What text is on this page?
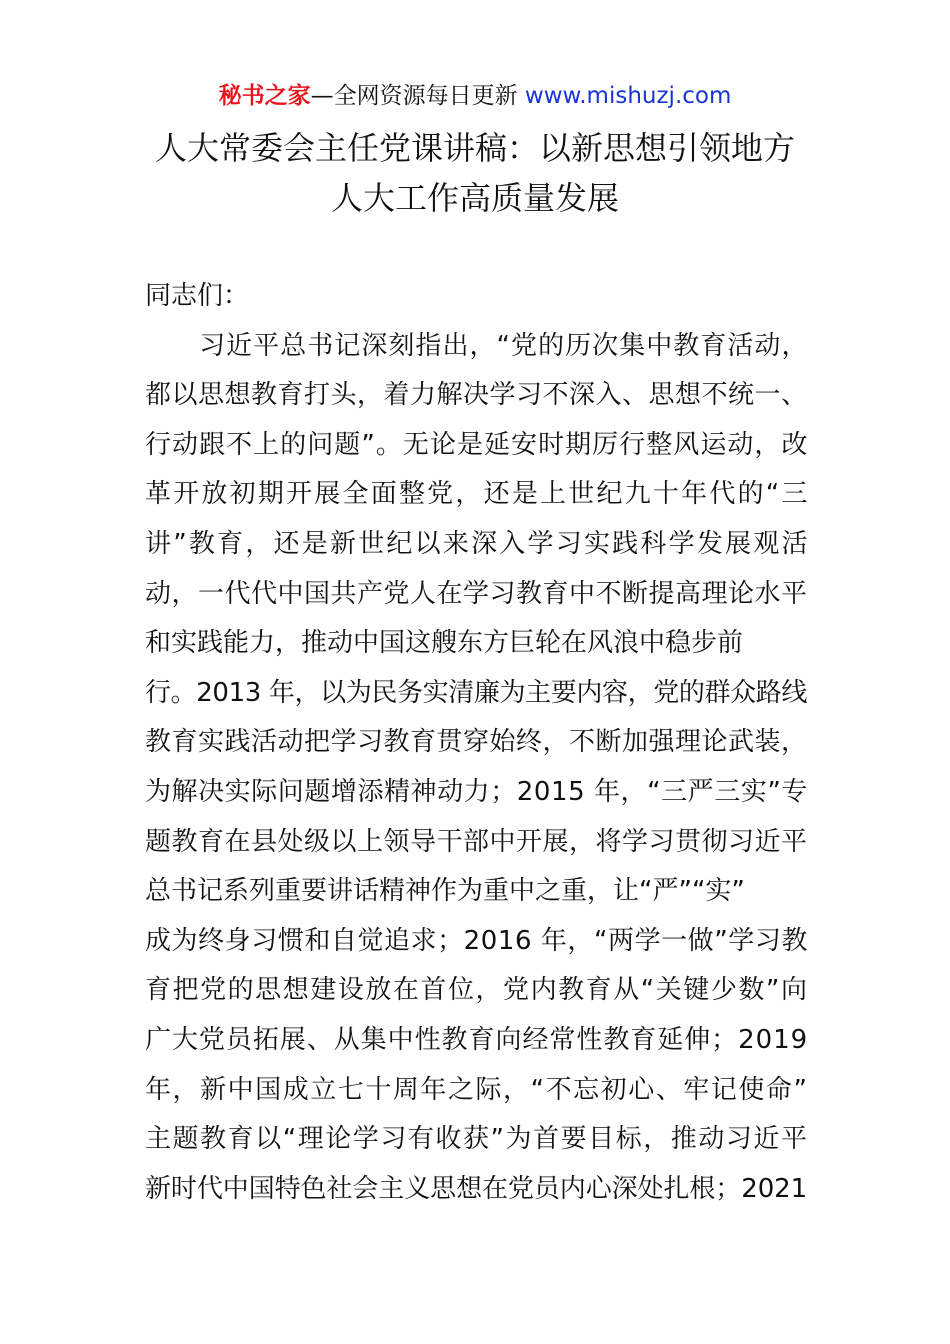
秘书之家—全网资源每日更新 www.mishuzj.com
人大常委会主任党课讲稿：以新思想引领地方
人大工作高质量发展
同志们：
　　习近平总书记深刻指出，“党的历次集中教育活动，
都以思想教育打头，着力解决学习不深入、思想不统一、
行动跟不上的问题”。无论是延安时期厉行整风运动，改
革开放初期开展全面整党，还是上世纪九十年代的“三
讲”教育，还是新世纪以来深入学习实践科学发展观活
动，一代代中国共产党人在学习教育中不断提高理论水平
和实践能力，推动中国这艘东方巨轮在风浪中稳步前
行。2013 年，以为民务实清廉为主要内容，党的群众路线
教育实践活动把学习教育贯穿始终，不断加强理论武装，
为解决实际问题增添精神动力；2015 年，“三严三实”专
题教育在县处级以上领导干部中开展，将学习贯彻习近平
总书记系列重要讲话精神作为重中之重，让“严”“实”
成为终身习惯和自觉追求；2016 年，“两学一做”学习教
育把党的思想建设放在首位，党内教育从“关键少数”向
广大党员拓展、从集中性教育向经常性教育延伸；2019
年，新中国成立七十周年之际，“不忘初心、牢记使命”
主题教育以“理论学习有收获”为首要目标，推动习近平
新时代中国特色社会主义思想在党员内心深处扎根；2021
